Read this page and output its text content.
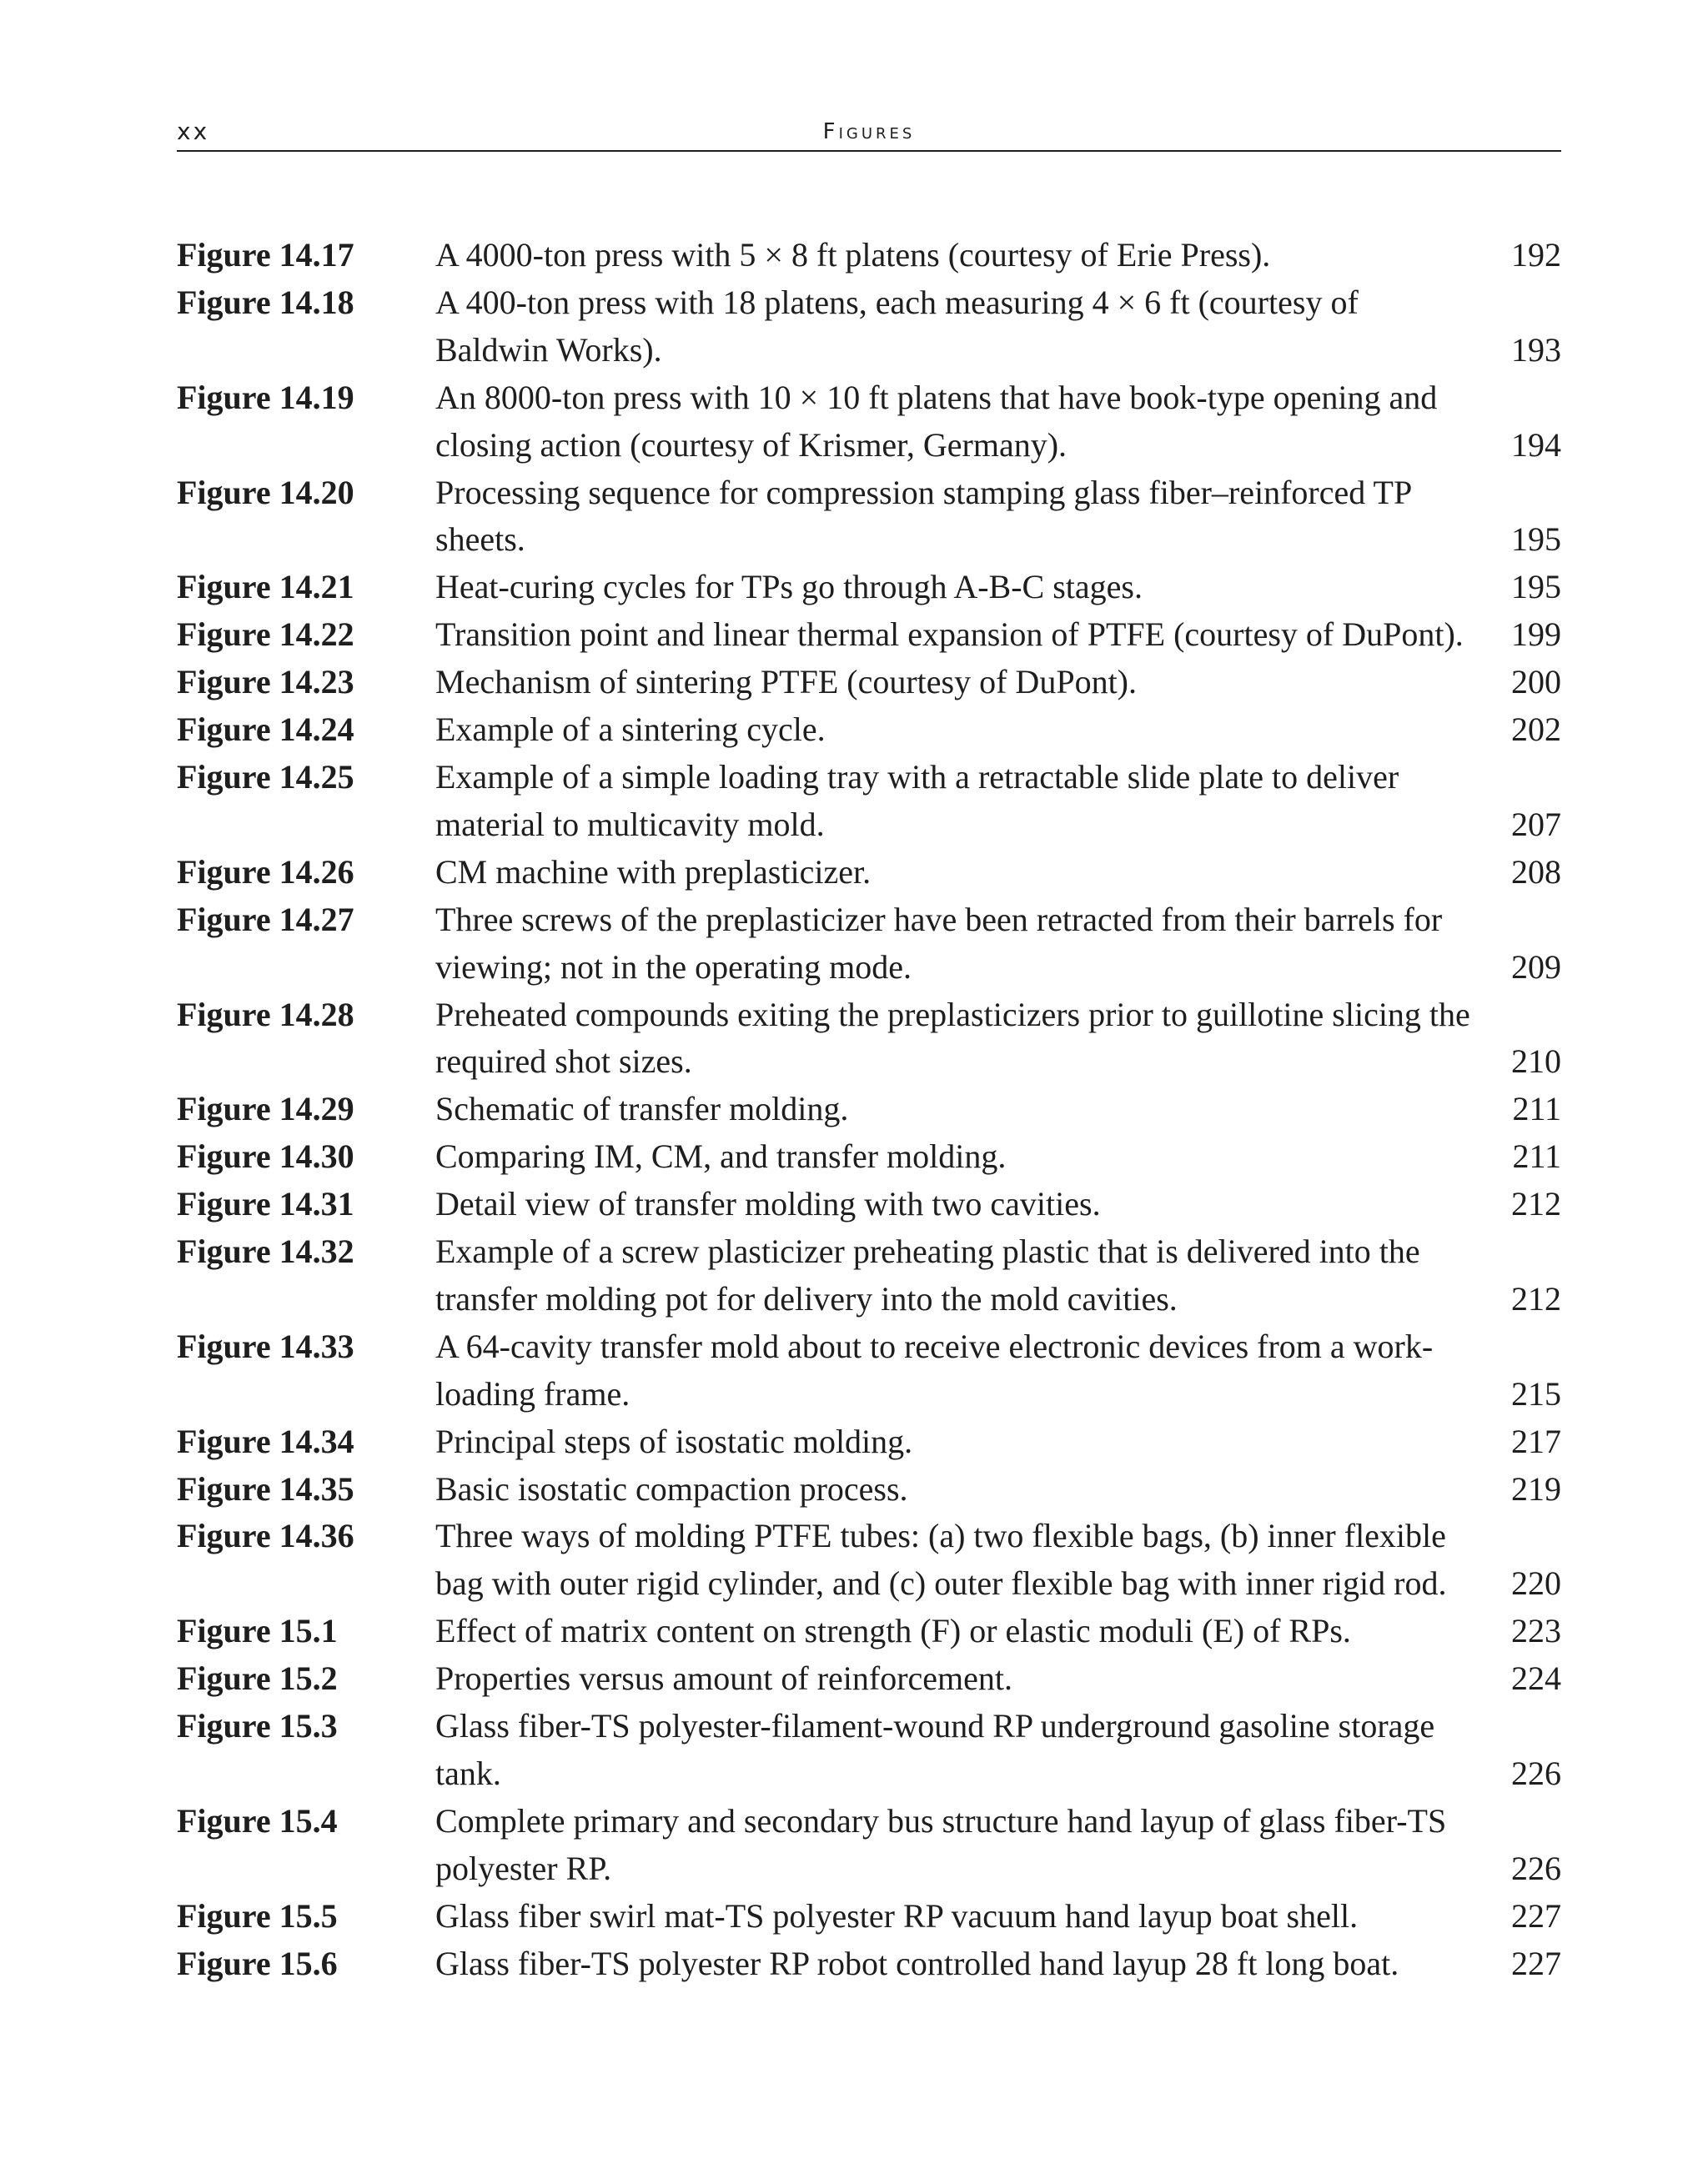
xx	Figures
Figure 14.17	A 4000-ton press with 5 × 8 ft platens (courtesy of Erie Press).	192
Figure 14.18	A 400-ton press with 18 platens, each measuring 4 × 6 ft (courtesy of Baldwin Works).	193
Figure 14.19	An 8000-ton press with 10 × 10 ft platens that have book-type opening and closing action (courtesy of Krismer, Germany).	194
Figure 14.20	Processing sequence for compression stamping glass fiber–reinforced TP sheets.	195
Figure 14.21	Heat-curing cycles for TPs go through A-B-C stages.	195
Figure 14.22	Transition point and linear thermal expansion of PTFE (courtesy of DuPont).	199
Figure 14.23	Mechanism of sintering PTFE (courtesy of DuPont).	200
Figure 14.24	Example of a sintering cycle.	202
Figure 14.25	Example of a simple loading tray with a retractable slide plate to deliver material to multicavity mold.	207
Figure 14.26	CM machine with preplasticizer.	208
Figure 14.27	Three screws of the preplasticizer have been retracted from their barrels for viewing; not in the operating mode.	209
Figure 14.28	Preheated compounds exiting the preplasticizers prior to guillotine slicing the required shot sizes.	210
Figure 14.29	Schematic of transfer molding.	211
Figure 14.30	Comparing IM, CM, and transfer molding.	211
Figure 14.31	Detail view of transfer molding with two cavities.	212
Figure 14.32	Example of a screw plasticizer preheating plastic that is delivered into the transfer molding pot for delivery into the mold cavities.	212
Figure 14.33	A 64-cavity transfer mold about to receive electronic devices from a work-loading frame.	215
Figure 14.34	Principal steps of isostatic molding.	217
Figure 14.35	Basic isostatic compaction process.	219
Figure 14.36	Three ways of molding PTFE tubes: (a) two flexible bags, (b) inner flexible bag with outer rigid cylinder, and (c) outer flexible bag with inner rigid rod.	220
Figure 15.1	Effect of matrix content on strength (F) or elastic moduli (E) of RPs.	223
Figure 15.2	Properties versus amount of reinforcement.	224
Figure 15.3	Glass fiber-TS polyester-filament-wound RP underground gasoline storage tank.	226
Figure 15.4	Complete primary and secondary bus structure hand layup of glass fiber-TS polyester RP.	226
Figure 15.5	Glass fiber swirl mat-TS polyester RP vacuum hand layup boat shell.	227
Figure 15.6	Glass fiber-TS polyester RP robot controlled hand layup 28 ft long boat.	227
